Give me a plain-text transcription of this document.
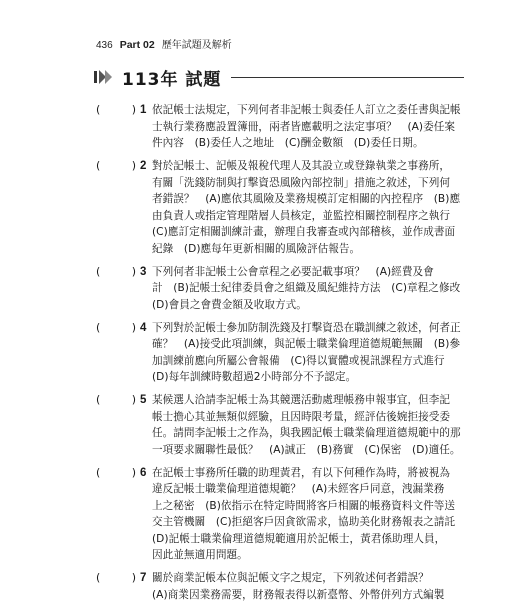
436 Part 02 歷年試題及解析
113年 試題
(	) 1 依記帳士法規定，下列何者非記帳士與委任人訂立之委任書與記帳
士執行業務應設置簿冊，兩者皆應載明之法定事項？　(A)委任案
件內容　(B)委任人之地址　(C)酬金數額　(D)委任日期。
(	) 2 對於記帳士、記帳及報稅代理人及其設立或登錄執業之事務所，
有關「洗錢防制與打擊資恐風險內部控制」措施之敘述，下列何
者錯誤？　(A)應依其風險及業務規模訂定相關的內控程序　(B)應
由負責人或指定管理階層人員核定，並監控相關控制程序之執行
(C)應訂定相關訓練計畫，辦理自我審查或內部稽核，並作成書面
紀錄　(D)應每年更新相關的風險評估報告。
(	) 3 下列何者非記帳士公會章程之必要記載事項？　(A)經費及會
計　(B)記帳士紀律委員會之組織及風紀維持方法　(C)章程之修改
(D)會員之會費金額及收取方式。
(	) 4 下列對於記帳士參加防制洗錢及打擊資恐在職訓練之敘述，何者正
確？　(A)接受此項訓練，與記帳士職業倫理道德規範無關　(B)參
加訓練前應向所屬公會報備　(C)得以實體或視訊課程方式進行
(D)每年訓練時數超過2小時部分不予認定。
(	) 5 某候選人洽請李記帳士為其競選活動處理帳務申報事宜，但李記
帳士擔心其並無類似經驗，且因時限考量，經評估後婉拒接受委
任。請問李記帳士之作為，與我國記帳士職業倫理道德規範中的那
一項要求關聯性最低？　(A)誠正　(B)務實　(C)保密　(D)適任。
(	) 6 在記帳士事務所任職的助理黃君，有以下何種作為時，將被視為
違反記帳士職業倫理道德規範？　(A)未經客戶同意，洩漏業務
上之秘密　(B)依指示在特定時間將客戶相關的帳務資料文件等送
交主管機關　(C)拒絕客戶因貪欲需求，協助美化財務報表之請託
(D)記帳士職業倫理道德規範適用於記帳士，黃君係助理人員，
因此並無適用問題。
(	) 7 關於商業記帳本位與記帳文字之規定，下列敘述何者錯誤？
(A)商業因業務需要，財務報表得以新臺幣、外幣併列方式編製
